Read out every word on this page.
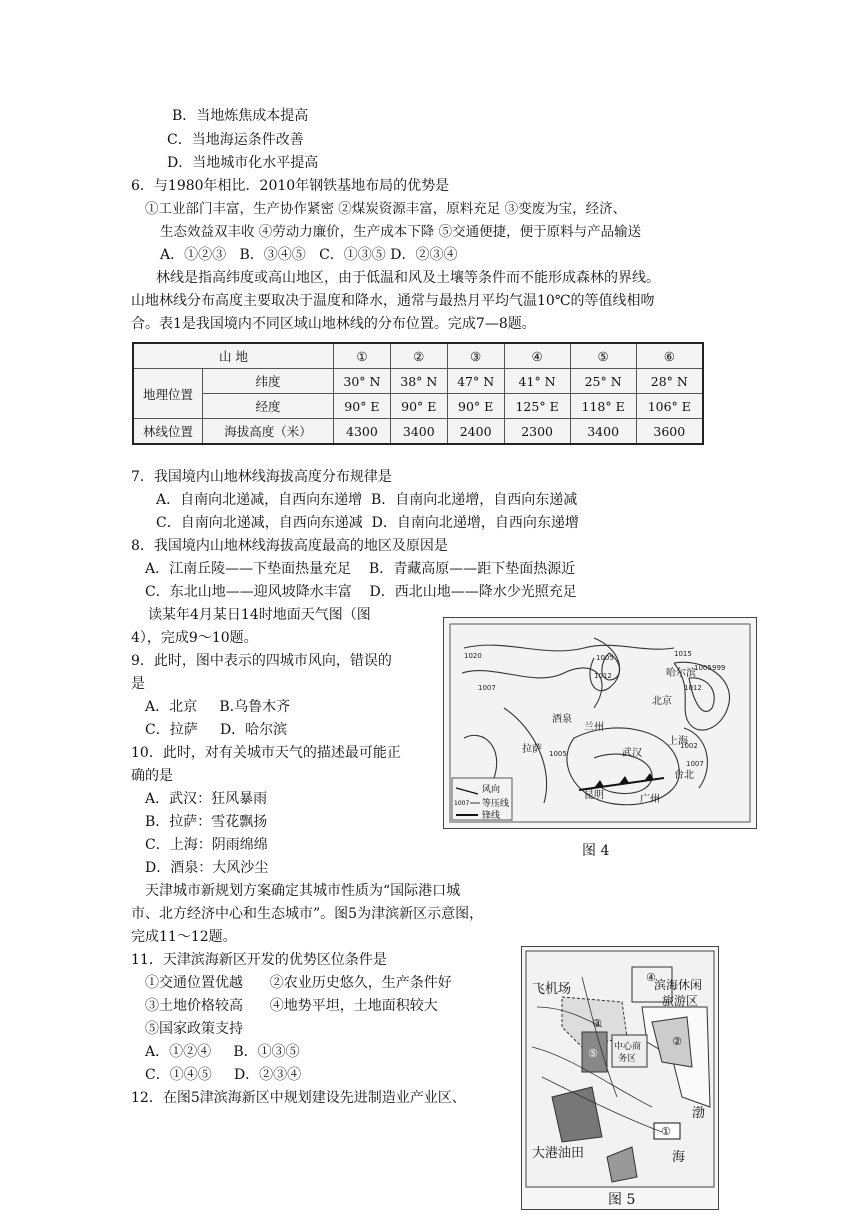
B．当地炼焦成本提高
C．当地海运条件改善
D．当地城市化水平提高
6．与1980年相比．2010年钢铁基地布局的优势是
①工业部门丰富，生产协作紧密 ②煤炭资源丰富，原料充足 ③变废为宝，经济、
生态效益双丰收 ④劳动力廉价，生产成本下降 ⑤交通便捷，便于原料与产品输送
A．①②③   B．③④⑤   C．①③⑤ D．②③④
林线是指高纬度或高山地区，由于低温和风及土壤等条件而不能形成森林的界线。
山地林线分布高度主要取决于温度和降水，通常与最热月平均气温10℃的等值线相吻
合。表1是我国境内不同区域山地林线的分布位置。完成7—8题。
山 地		①	②	③	④	⑤	⑥
地理位置	纬度	30° N	38° N	47° N	41° N	25° N	28° N
	经度	90° E	90° E	90° E	125° E	118° E	106° E
林线位置	海拔高度（米）	4300	3400	2400	2300	3400	3600
7．我国境内山地林线海拔高度分布规律是
A．自南向北递减，自西向东递增  B．自南向北递增，自西向东递减
C．自南向北递减，自西向东递减  D．自南向北递增，自西向东递增
8．我国境内山地林线海拔高度最高的地区及原因是
A．江南丘陵——下垫面热量充足    B．青藏高原——距下垫面热源近
C．东北山地——迎风坡降水丰富    D．西北山地——降水少光照充足
读某年4月某日14时地面天气图（图
4），完成9～10题。
9．此时，图中表示的四城市风向，错误的
是
A．北京     B.乌鲁木齐
C．拉萨     D．哈尔滨
10．此时，对有关城市天气的描述最可能正
确的是
A．武汉：狂风暴雨
B．拉萨：雪花飘扬
C．上海：阴雨绵绵
D．酒泉：大风沙尘
天津城市新规划方案确定其城市性质为“国际港口城
市、北方经济中心和生态城市”。图5为津滨新区示意图，
完成11～12题。
11．天津滨海新区开发的优势区位条件是
①交通位置优越      ②农业历史悠久，生产条件好
③土地价格较高      ④地势平坦，土地面积较大
⑤国家政策支持
A．①②④     B．①③⑤
C．①④⑤     D．②③④
12．在图5津滨海新区中规划建设先进制造业产业区、
北京
酒泉
兰州
拉萨	武汉
上海
昆明
台北
广州
哈尔滨
1020
1007
1005
1012
1015
1005 999
1012
1005
1002
1007
风向
1007 等压线
锋线
图 4
飞机场	滨海休闲
旅游区
中心商
务区
大港油田
渤
海
④
③
⑤
②
①
图 5
